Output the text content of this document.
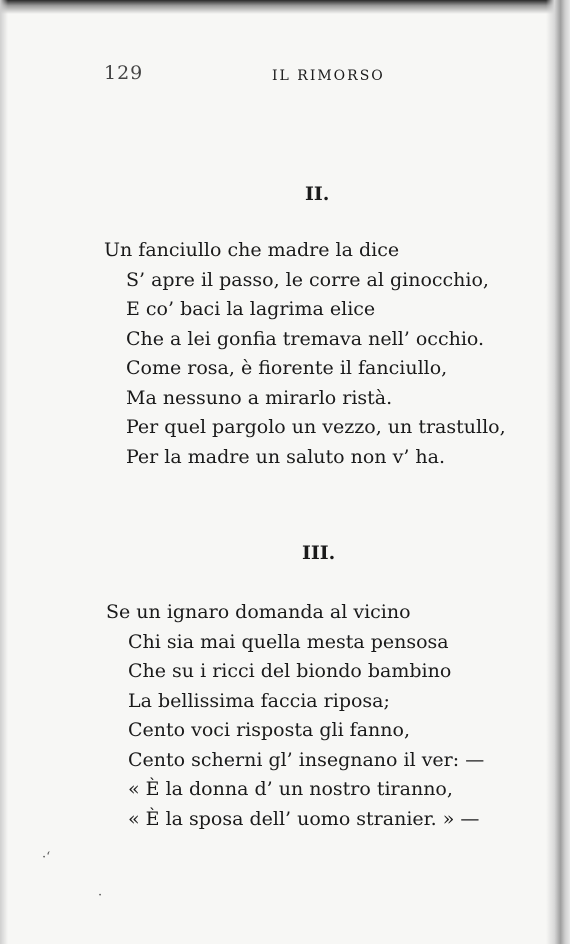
129	IL RIMORSO
II.
Un fanciullo che madre la dice
S’ apre il passo, le corre al ginocchio,
E co’ baci la lagrima elice
Che a lei gonfia tremava nell’ occhio.
Come rosa, è fiorente il fanciullo,
Ma nessuno a mirarlo ristà.
Per quel pargolo un vezzo, un trastullo,
Per la madre un saluto non v’ ha.
III.
Se un ignaro domanda al vicino
Chi sia mai quella mesta pensosa
Che su i ricci del biondo bambino
La bellissima faccia riposa;
Cento voci risposta gli fanno,
Cento scherni gl’ insegnano il ver: —
« È la donna d’ un nostro tiranno,
« È la sposa dell’ uomo stranier. » —
·ʻ
·
